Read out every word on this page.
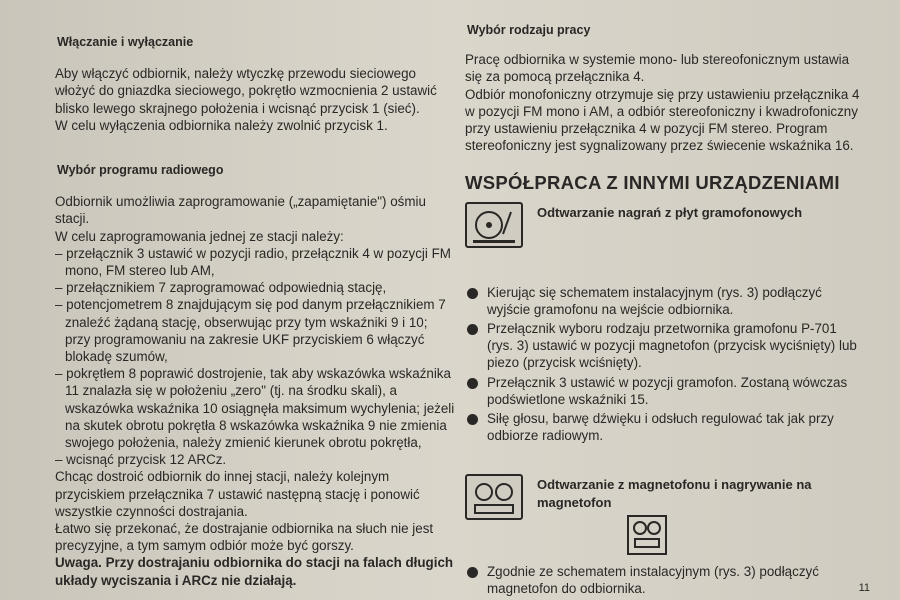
Włączanie i wyłączanie

Aby włączyć odbiornik, należy wtyczkę przewodu sieciowego włożyć do gniazdka sieciowego, pokrętło wzmocnienia 2 ustawić blisko lewego skrajnego położenia i wcisnąć przycisk 1 (sieć).
W celu wyłączenia odbiornika należy zwolnić przycisk 1.

Wybór programu radiowego

Odbiornik umożliwia zaprogramowanie („zapamiętanie") ośmiu stacji.

W celu zaprogramowania jednej ze stacji należy:

– przełącznik 3 ustawić w pozycji radio, przełącznik 4 w pozycji FM mono, FM stereo lub AM,

– przełącznikiem 7 zaprogramować odpowiednią stację,

– potencjometrem 8 znajdującym się pod danym przełącznikiem 7 znaleźć żądaną stację, obserwując przy tym wskaźniki 9 i 10; przy programowaniu na zakresie UKF przyciskiem 6 włączyć blokadę szumów,

– pokrętłem 8 poprawić dostrojenie, tak aby wskazówka wskaźnika 11 znalazła się w położeniu „zero" (tj. na środku skali), a wskazówka wskaźnika 10 osiągnęła maksimum wychylenia; jeżeli na skutek obrotu pokrętła 8 wskazówka wskaźnika 9 nie zmienia swojego położenia, należy zmienić kierunek obrotu pokrętła,

– wcisnąć przycisk 12 ARCz.

Chcąc dostroić odbiornik do innej stacji, należy kolejnym przyciskiem przełącznika 7 ustawić następną stację i ponowić wszystkie czynności dostrajania.

Łatwo się przekonać, że dostrajanie odbiornika na słuch nie jest precyzyjne, a tym samym odbiór może być gorszy.

Uwaga. Przy dostrajaniu odbiornika do stacji na falach długich układy wyciszania i ARCz nie działają.

Wybór rodzaju pracy

Pracę odbiornika w systemie mono- lub stereofonicznym ustawia się za pomocą przełącznika 4.

Odbiór monofoniczny otrzymuje się przy ustawieniu przełącznika 4 w pozycji FM mono i AM, a odbiór stereofoniczny i kwadrofoniczny przy ustawieniu przełącznika 4 w pozycji FM stereo. Program stereofoniczny jest sygnalizowany przez świecenie wskaźnika 16.

WSPÓŁPRACA Z INNYMI URZĄDZENIAMI
Odtwarzanie nagrań z płyt gramofonowych

Kierując się schematem instalacyjnym (rys. 3) podłączyć wyjście gramofonu na wejście odbiornika.

Przełącznik wyboru rodzaju przetwornika gramofonu P-701 (rys. 3) ustawić w pozycji magnetofon (przycisk wyciśnięty) lub piezo (przycisk wciśnięty).

Przełącznik 3 ustawić w pozycji gramofon. Zostaną wówczas podświetlone wskaźniki 15.

Siłę głosu, barwę dźwięku i odsłuch regulować tak jak przy odbiorze radiowym.

Odtwarzanie z magnetofonu i nagrywanie na magnetofon

Zgodnie ze schematem instalacyjnym (rys. 3) podłączyć magnetofon do odbiornika.	11
